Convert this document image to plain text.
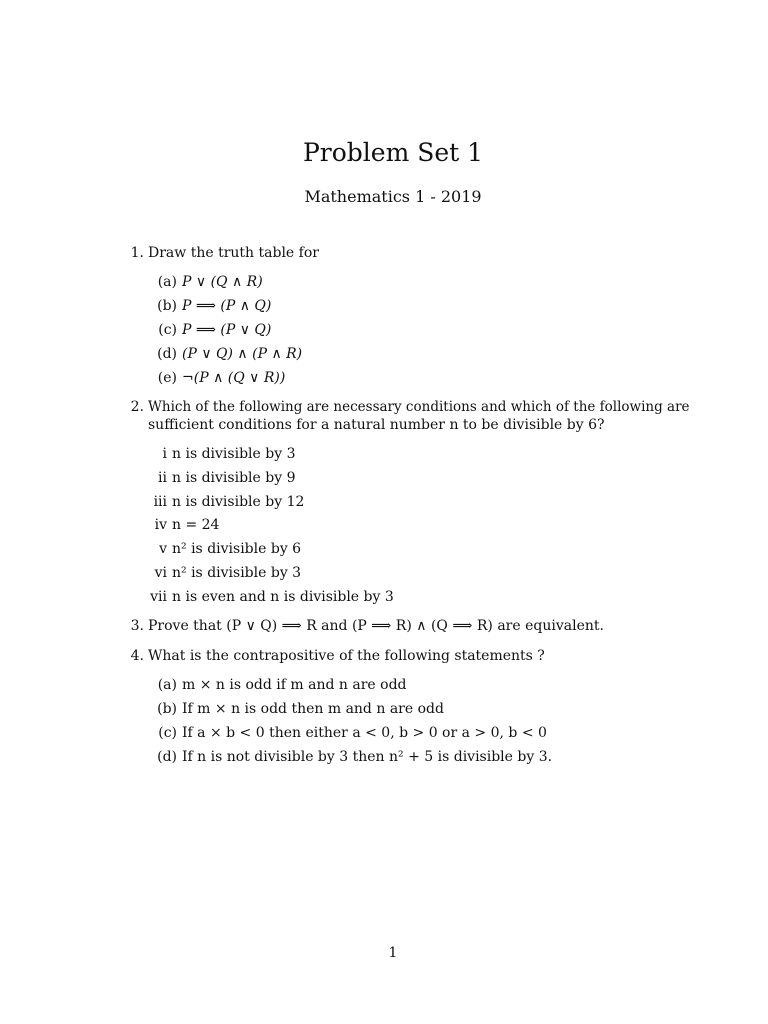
Problem Set 1
Mathematics 1 - 2019
1. Draw the truth table for
(a) P ∨ (Q ∧ R)
(b) P ⟹ (P ∧ Q)
(c) P ⟹ (P ∨ Q)
(d) (P ∨ Q) ∧ (P ∧ R)
(e) ¬(P ∧ (Q ∨ R))
2. Which of the following are necessary conditions and which of the following are
sufficient conditions for a natural number n to be divisible by 6?
i n is divisible by 3
ii n is divisible by 9
iii n is divisible by 12
iv n = 24
v n² is divisible by 6
vi n² is divisible by 3
vii n is even and n is divisible by 3
3. Prove that (P ∨ Q) ⟹ R and (P ⟹ R) ∧ (Q ⟹ R) are equivalent.
4. What is the contrapositive of the following statements ?
(a) m × n is odd if m and n are odd
(b) If m × n is odd then m and n are odd
(c) If a × b < 0 then either a < 0, b > 0 or a > 0, b < 0
(d) If n is not divisible by 3 then n² + 5 is divisible by 3.
1
